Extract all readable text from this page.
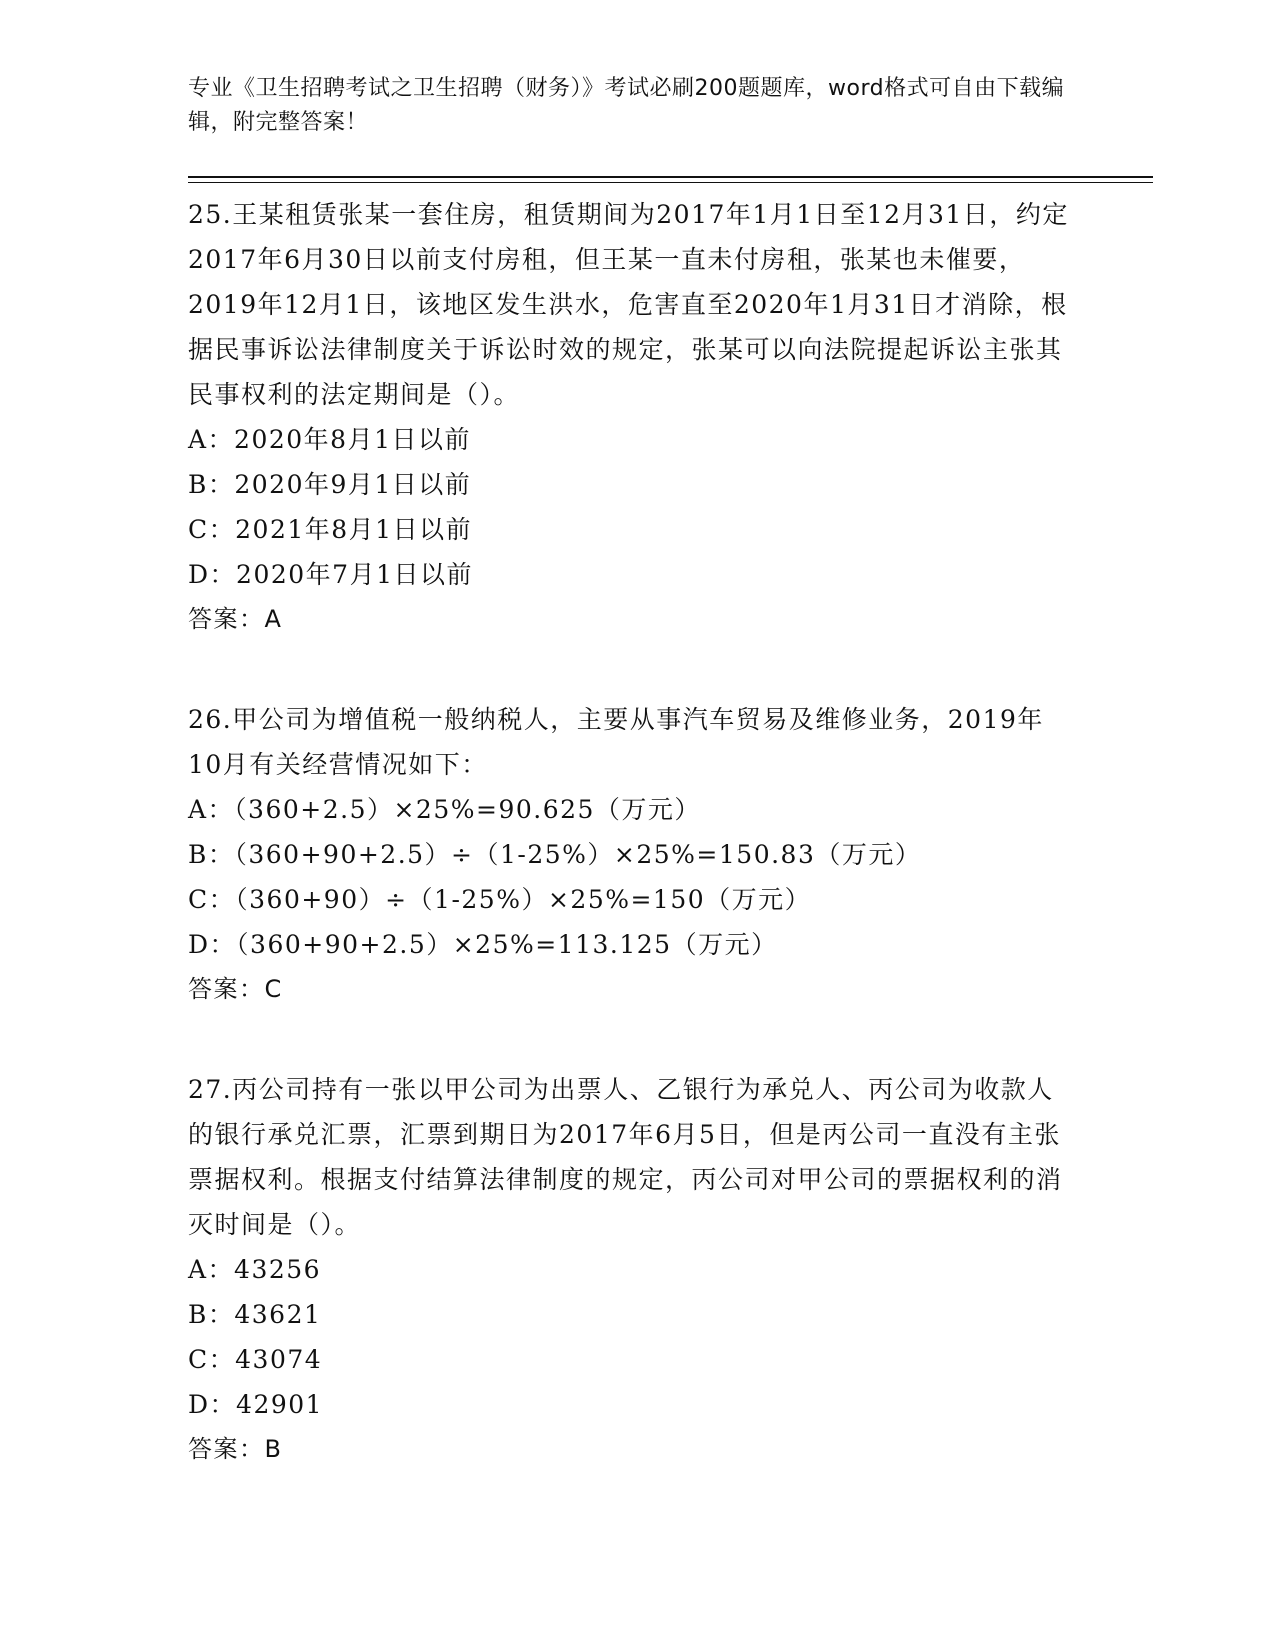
专业《卫生招聘考试之卫生招聘（财务）》考试必刷200题题库，word格式可自由下载编辑，附完整答案！

25.王某租赁张某一套住房，租赁期间为2017年1月1日至12月31日，约定2017年6月30日以前支付房租，但王某一直未付房租，张某也未催要，2019年12月1日，该地区发生洪水，危害直至2020年1月31日才消除，根据民事诉讼法律制度关于诉讼时效的规定，张某可以向法院提起诉讼主张其民事权利的法定期间是（）。

A：2020年8月1日以前

B：2020年9月1日以前

C：2021年8月1日以前

D：2020年7月1日以前

答案：A

26.甲公司为增值税一般纳税人，主要从事汽车贸易及维修业务，2019年10月有关经营情况如下：

A：（360+2.5）×25%=90.625（万元）

B：（360+90+2.5）÷（1-25%）×25%=150.83（万元）

C：（360+90）÷（1-25%）×25%=150（万元）

D：（360+90+2.5）×25%=113.125（万元）

答案：C

27.丙公司持有一张以甲公司为出票人、乙银行为承兑人、丙公司为收款人的银行承兑汇票，汇票到期日为2017年6月5日，但是丙公司一直没有主张票据权利。根据支付结算法律制度的规定，丙公司对甲公司的票据权利的消灭时间是（）。

A：43256

B：43621

C：43074

D：42901

答案：B
